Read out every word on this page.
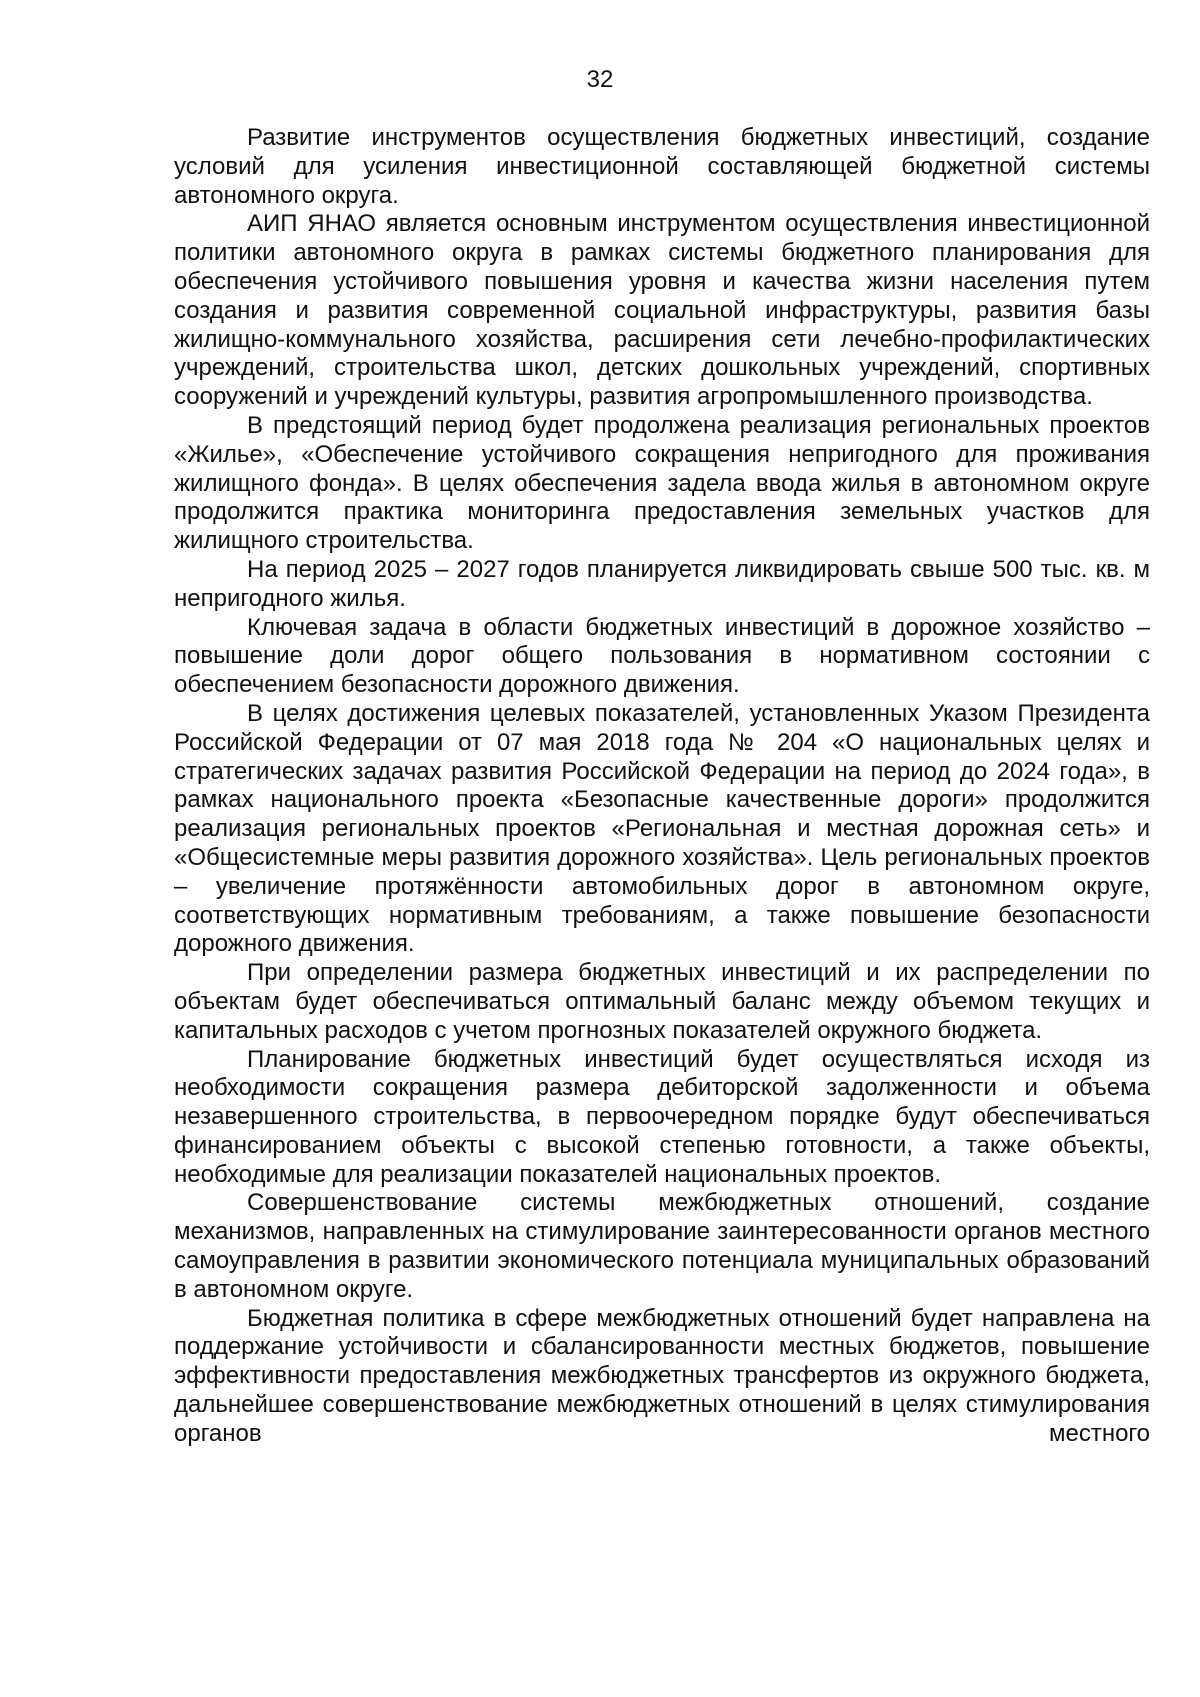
32

Развитие инструментов осуществления бюджетных инвестиций, создание условий для усиления инвестиционной составляющей бюджетной системы автономного округа.

АИП ЯНАО является основным инструментом осуществления инвестиционной политики автономного округа в рамках системы бюджетного планирования для обеспечения устойчивого повышения уровня и качества жизни населения путем создания и развития современной социальной инфраструктуры, развития базы жилищно-коммунального хозяйства, расширения сети лечебно-профилактических учреждений, строительства школ, детских дошкольных учреждений, спортивных сооружений и учреждений культуры, развития агропромышленного производства.

В предстоящий период будет продолжена реализация региональных проектов «Жилье», «Обеспечение устойчивого сокращения непригодного для проживания жилищного фонда». В целях обеспечения задела ввода жилья в автономном округе продолжится практика мониторинга предоставления земельных участков для жилищного строительства.

На период 2025 – 2027 годов планируется ликвидировать свыше 500 тыс. кв. м непригодного жилья.

Ключевая задача в области бюджетных инвестиций в дорожное хозяйство – повышение доли дорог общего пользования в нормативном состоянии с обеспечением безопасности дорожного движения.

В целях достижения целевых показателей, установленных Указом Президента Российской Федерации от 07 мая 2018 года № 204 «О национальных целях и стратегических задачах развития Российской Федерации на период до 2024 года», в рамках национального проекта «Безопасные качественные дороги» продолжится реализация региональных проектов «Региональная и местная дорожная сеть» и «Общесистемные меры развития дорожного хозяйства». Цель региональных проектов – увеличение протяжённости автомобильных дорог в автономном округе, соответствующих нормативным требованиям, а также повышение безопасности дорожного движения.

При определении размера бюджетных инвестиций и их распределении по объектам будет обеспечиваться оптимальный баланс между объемом текущих и капитальных расходов с учетом прогнозных показателей окружного бюджета.

Планирование бюджетных инвестиций будет осуществляться исходя из необходимости сокращения размера дебиторской задолженности и объема незавершенного строительства, в первоочередном порядке будут обеспечиваться финансированием объекты с высокой степенью готовности, а также объекты, необходимые для реализации показателей национальных проектов.

Совершенствование системы межбюджетных отношений, создание механизмов, направленных на стимулирование заинтересованности органов местного самоуправления в развитии экономического потенциала муниципальных образований в автономном округе.

Бюджетная политика в сфере межбюджетных отношений будет направлена на поддержание устойчивости и сбалансированности местных бюджетов, повышение эффективности предоставления межбюджетных трансфертов из окружного бюджета, дальнейшее совершенствование межбюджетных отношений в целях стимулирования органов местного
